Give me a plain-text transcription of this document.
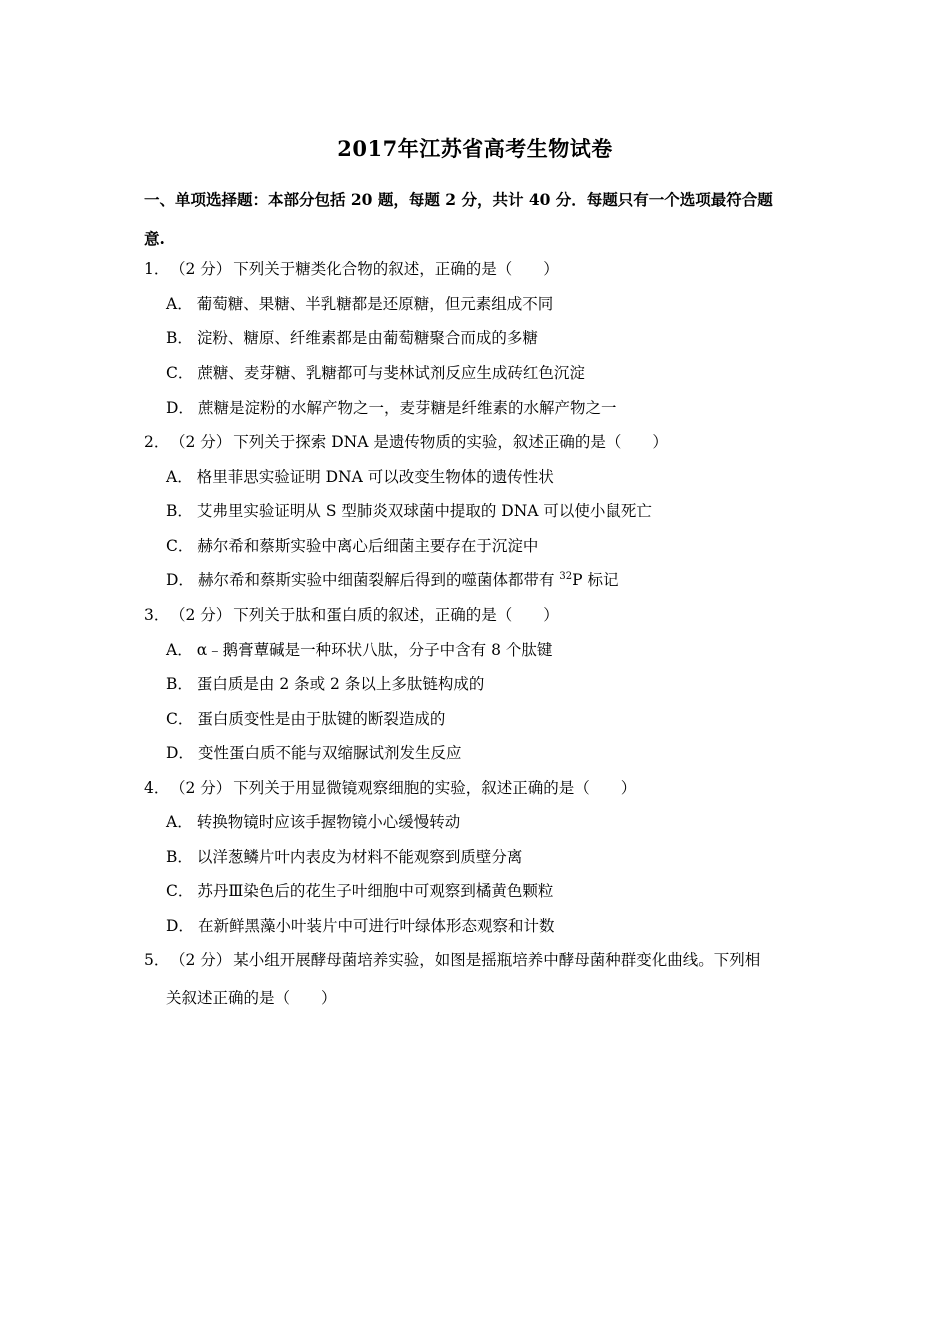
2017年江苏省高考生物试卷
一、单项选择题：本部分包括 20 题，每题 2 分，共计 40 分．每题只有一个选项最符合题
意.
1．（2 分） 下列关于糖类化合物的叙述，正确的是（　　）
A． 葡萄糖、果糖、半乳糖都是还原糖，但元素组成不同
B． 淀粉、糖原、纤维素都是由葡萄糖聚合而成的多糖
C． 蔗糖、麦芽糖、乳糖都可与斐林试剂反应生成砖红色沉淀
D． 蔗糖是淀粉的水解产物之一，麦芽糖是纤维素的水解产物之一
2．（2 分） 下列关于探索 DNA 是遗传物质的实验，叙述正确的是（　　）
A． 格里菲思实验证明 DNA 可以改变生物体的遗传性状
B． 艾弗里实验证明从 S 型肺炎双球菌中提取的 DNA 可以使小鼠死亡
C． 赫尔希和蔡斯实验中离心后细菌主要存在于沉淀中
D． 赫尔希和蔡斯实验中细菌裂解后得到的噬菌体都带有 $^{32}$P 标记
3．（2 分） 下列关于肽和蛋白质的叙述，正确的是（　　）
A． α﹣鹅膏蕈碱是一种环状八肽，分子中含有 8 个肽键
B． 蛋白质是由 2 条或 2 条以上多肽链构成的
C． 蛋白质变性是由于肽键的断裂造成的
D． 变性蛋白质不能与双缩脲试剂发生反应
4．（2 分） 下列关于用显微镜观察细胞的实验，叙述正确的是（　　）
A． 转换物镜时应该手握物镜小心缓慢转动
B． 以洋葱鳞片叶内表皮为材料不能观察到质壁分离
C． 苏丹Ⅲ染色后的花生子叶细胞中可观察到橘黄色颗粒
D． 在新鲜黑藻小叶装片中可进行叶绿体形态观察和计数
5．（2 分） 某小组开展酵母菌培养实验，如图是摇瓶培养中酵母菌种群变化曲线。下列相
关叙述正确的是（　　）
